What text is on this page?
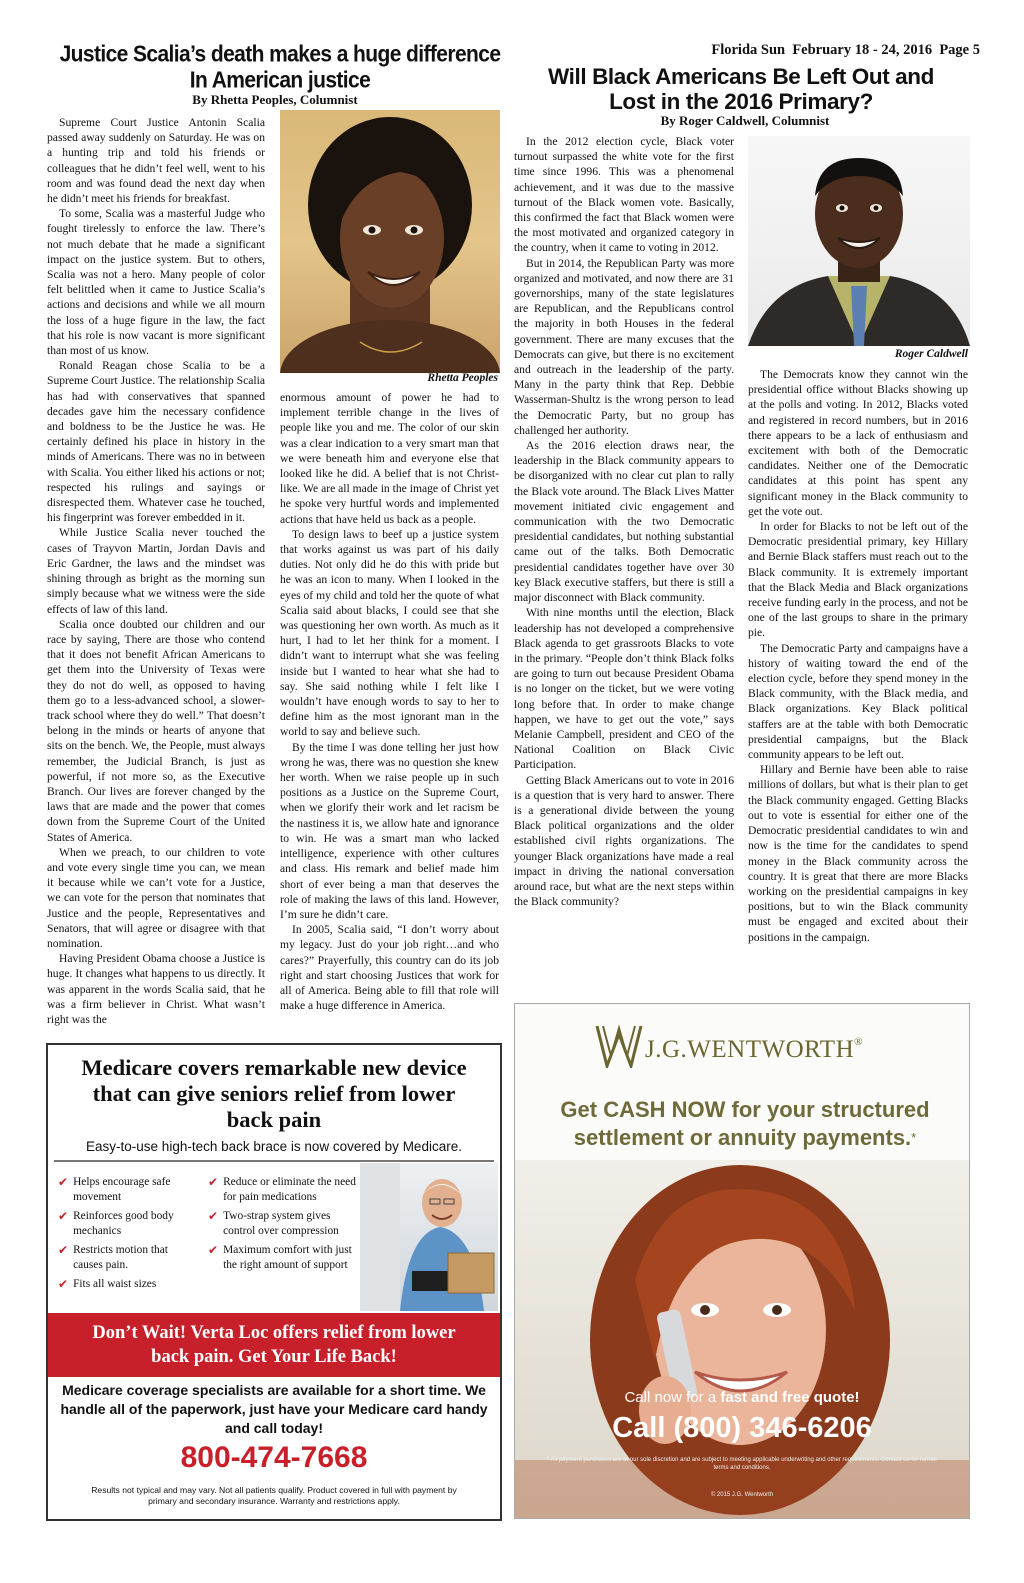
Florida Sun  February 18 - 24, 2016  Page 5
Justice Scalia’s death makes a huge difference
In American justice
By Rhetta Peoples, Columnist
Rhetta Peoples

Supreme Court Justice Antonin Scalia passed away suddenly on Saturday. He was on a hunting trip and told his friends or colleagues that he didn’t feel well, went to his room and was found dead the next day when he didn’t meet his friends for breakfast.

To some, Scalia was a masterful Judge who fought tirelessly to enforce the law. There’s not much debate that he made a significant impact on the justice system. But to others, Scalia was not a hero. Many people of color felt belittled when it came to Justice Scalia’s actions and decisions and while we all mourn the loss of a huge figure in the law, the fact that his role is now vacant is more significant than most of us know.

Ronald Reagan chose Scalia to be a Supreme Court Justice. The relationship Scalia has had with conservatives that spanned decades gave him the necessary confidence and boldness to be the Justice he was. He certainly defined his place in history in the minds of Americans. There was no in between with Scalia. You either liked his actions or not; respected his rulings and sayings or disrespected them. Whatever case he touched, his fingerprint was forever embedded in it.

While Justice Scalia never touched the cases of Trayvon Martin, Jordan Davis and Eric Gardner, the laws and the mindset was shining through as bright as the morning sun simply because what we witness were the side effects of law of this land.

Scalia once doubted our children and our race by saying, There are those who contend that it does not benefit African Americans to get them into the University of Texas were they do not do well, as opposed to having them go to a less-advanced school, a slower-track school where they do well.” That doesn’t belong in the minds or hearts of anyone that sits on the bench. We, the People, must always remember, the Judicial Branch, is just as powerful, if not more so, as the Executive Branch. Our lives are forever changed by the laws that are made and the power that comes down from the Supreme Court of the United States of America.

When we preach, to our children to vote and vote every single time you can, we mean it because while we can’t vote for a Justice, we can vote for the person that nominates that Justice and the people, Representatives and Senators, that will agree or disagree with that nomination.

Having President Obama choose a Justice is huge. It changes what happens to us directly. It was apparent in the words Scalia said, that he was a firm believer in Christ. What wasn’t right was the

enormous amount of power he had to implement terrible change in the lives of people like you and me. The color of our skin was a clear indication to a very smart man that we were beneath him and everyone else that looked like he did. A belief that is not Christ-like. We are all made in the image of Christ yet he spoke very hurtful words and implemented actions that have held us back as a people.

To design laws to beef up a justice system that works against us was part of his daily duties. Not only did he do this with pride but he was an icon to many. When I looked in the eyes of my child and told her the quote of what Scalia said about blacks, I could see that she was questioning her own worth. As much as it hurt, I had to let her think for a moment. I didn’t want to interrupt what she was feeling inside but I wanted to hear what she had to say. She said nothing while I felt like I wouldn’t have enough words to say to her to define him as the most ignorant man in the world to say and believe such.

By the time I was done telling her just how wrong he was, there was no question she knew her worth. When we raise people up in such positions as a Justice on the Supreme Court, when we glorify their work and let racism be the nastiness it is, we allow hate and ignorance to win. He was a smart man who lacked intelligence, experience with other cultures and class. His remark and belief made him short of ever being a man that deserves the role of making the laws of this land. However, I’m sure he didn’t care.

In 2005, Scalia said, “I don’t worry about my legacy. Just do your job right…and who cares?” Prayerfully, this country can do its job right and start choosing Justices that work for all of America. Being able to fill that role will make a huge difference in America.

Will Black Americans Be Left Out and
Lost in the 2016 Primary?
By Roger Caldwell, Columnist

In the 2012 election cycle, Black voter turnout surpassed the white vote for the first time since 1996. This was a phenomenal achievement, and it was due to the massive turnout of the Black women vote. Basically, this confirmed the fact that Black women were the most motivated and organized category in the country, when it came to voting in 2012.

But in 2014, the Republican Party was more organized and motivated, and now there are 31 governorships, many of the state legislatures are Republican, and the Republicans control the majority in both Houses in the federal government. There are many excuses that the Democrats can give, but there is no excitement and outreach in the leadership of the party. Many in the party think that Rep. Debbie Wasserman-Shultz is the wrong person to lead the Democratic Party, but no group has challenged her authority.

As the 2016 election draws near, the leadership in the Black community appears to be disorganized with no clear cut plan to rally the Black vote around. The Black Lives Matter movement initiated civic engagement and communication with the two Democratic presidential candidates, but nothing substantial came out of the talks. Both Democratic presidential candidates together have over 30 key Black executive staffers, but there is still a major disconnect with Black community.

With nine months until the election, Black leadership has not developed a comprehensive Black agenda to get grassroots Blacks to vote in the primary. “People don’t think Black folks are going to turn out because President Obama is no longer on the ticket, but we were voting long before that. In order to make change happen, we have to get out the vote,” says Melanie Campbell, president and CEO of the National Coalition on Black Civic Participation.

Getting Black Americans out to vote in 2016 is a question that is very hard to answer. There is a generational divide between the young Black political organizations and the older established civil rights organizations. The younger Black organizations have made a real impact in driving the national conversation around race, but what are the next steps within the Black community?

Roger Caldwell

The Democrats know they cannot win the presidential office without Blacks showing up at the polls and voting. In 2012, Blacks voted and registered in record numbers, but in 2016 there appears to be a lack of enthusiasm and excitement with both of the Democratic candidates. Neither one of the Democratic candidates at this point has spent any significant money in the Black community to get the vote out.

In order for Blacks to not be left out of the Democratic presidential primary, key Hillary and Bernie Black staffers must reach out to the Black community. It is extremely important that the Black Media and Black organizations receive funding early in the process, and not be one of the last groups to share in the primary pie.

The Democratic Party and campaigns have a history of waiting toward the end of the election cycle, before they spend money in the Black community, with the Black media, and Black organizations. Key Black political staffers are at the table with both Democratic presidential campaigns, but the Black community appears to be left out.

Hillary and Bernie have been able to raise millions of dollars, but what is their plan to get the Black community engaged. Getting Blacks out to vote is essential for either one of the Democratic presidential candidates to win and now is the time for the candidates to spend money in the Black community across the country. It is great that there are more Blacks working on the presidential campaigns in key positions, but to win the Black community must be engaged and excited about their positions in the campaign.

Medicare covers remarkable new device that can give seniors relief from lower back pain
Easy-to-use high-tech back brace is now covered by Medicare.
✔ Helps encourage safe movement
✔ Reinforces good body mechanics
✔ Restricts motion that causes pain.
✔ Fits all waist sizes
✔ Reduce or eliminate the need for pain medications
✔ Two-strap system gives control over compression
✔ Maximum comfort with just the right amount of support
Don’t Wait! Verta Loc offers relief from lower back pain. Get Your Life Back!
Medicare coverage specialists are available for a short time. We handle all of the paperwork, just have your Medicare card handy and call today!
800-474-7668
Results not typical and may vary. Not all patients qualify. Product covered in full with payment by primary and secondary insurance. Warranty and restrictions apply.
J.G.WENTWORTH®
Get CASH NOW for your structured settlement or annuity payments.*
Call now for a fast and free quote!
Call (800) 346-6206
* All payment purchases are at our sole discretion and are subject to meeting applicable underwriting and other requirements. Contact us for further terms and conditions.
© 2015 J.G. Wentworth
